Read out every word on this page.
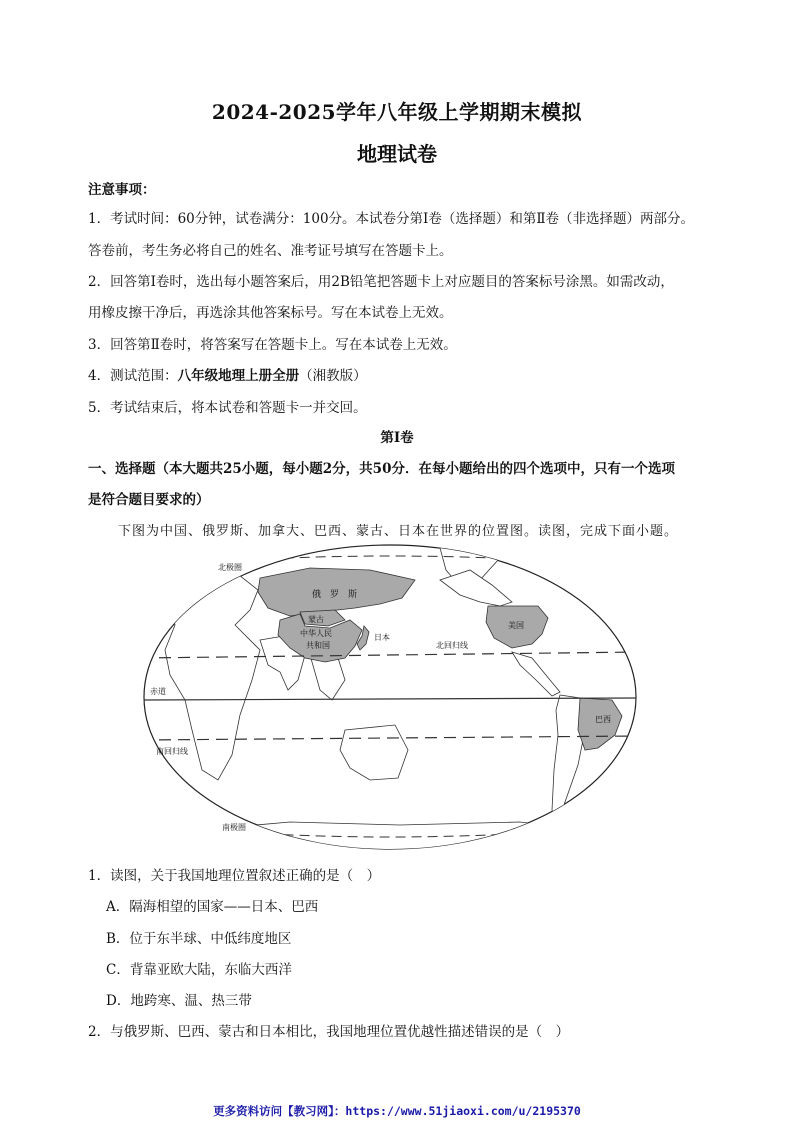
2024-2025学年八年级上学期期末模拟
地理试卷
注意事项：
1．考试时间：60分钟，试卷满分：100分。本试卷分第Ⅰ卷（选择题）和第Ⅱ卷（非选择题）两部分。
答卷前，考生务必将自己的姓名、准考证号填写在答题卡上。
2．回答第Ⅰ卷时，选出每小题答案后，用2B铅笔把答题卡上对应题目的答案标号涂黑。如需改动，
用橡皮擦干净后，再选涂其他答案标号。写在本试卷上无效。
3．回答第Ⅱ卷时，将答案写在答题卡上。写在本试卷上无效。
4．测试范围：八年级地理上册全册（湘教版）
5．考试结束后，将本试卷和答题卡一并交回。
第Ⅰ卷
一、选择题（本大题共25小题，每小题2分，共50分．在每小题给出的四个选项中，只有一个选项
是符合题目要求的）
下图为中国、俄罗斯、加拿大、巴西、蒙古、日本在世界的位置图。读图，完成下面小题。
北极圈
俄　罗　斯
蒙古
中华人民
共和国
日本
美国
北回归线
赤道
巴西
南回归线
南极圈
1．读图，关于我国地理位置叙述正确的是（　）
A．隔海相望的国家——日本、巴西
B．位于东半球、中低纬度地区
C．背靠亚欧大陆，东临大西洋
D．地跨寒、温、热三带
2．与俄罗斯、巴西、蒙古和日本相比，我国地理位置优越性描述错误的是（　）
更多资料访问【教习网】：https://www.51jiaoxi.com/u/2195370
